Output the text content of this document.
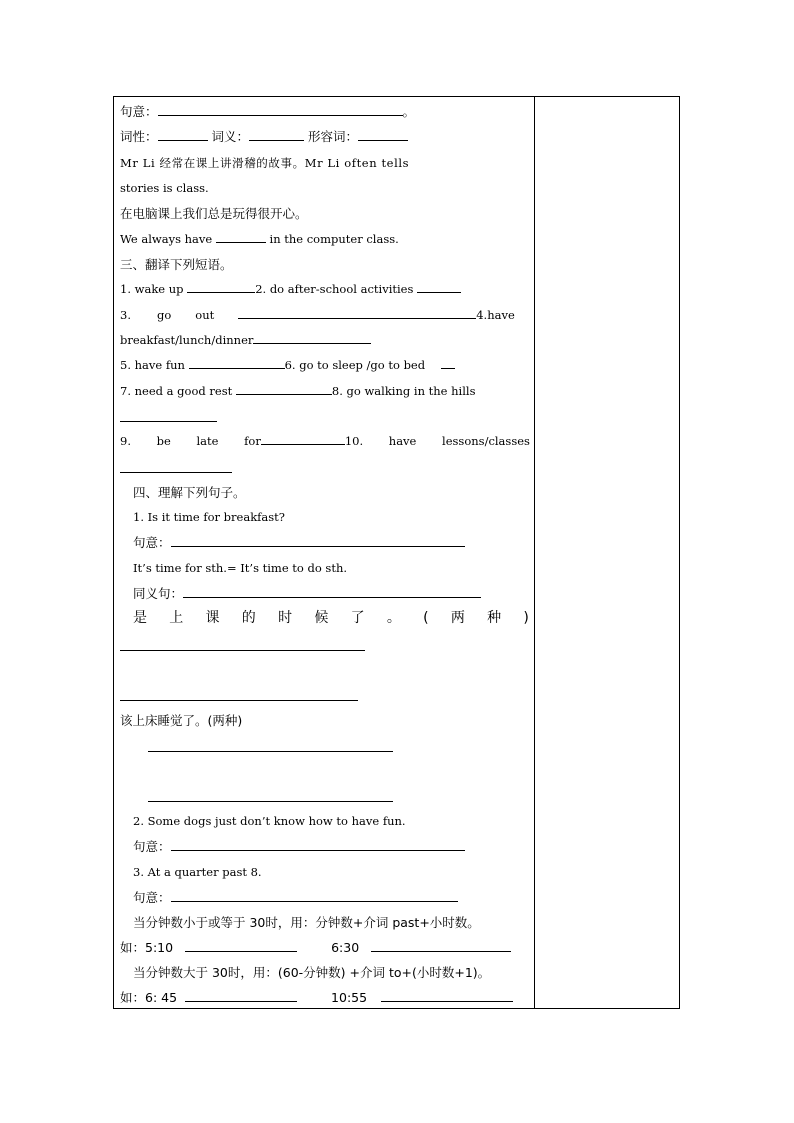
句意：	。
词性：	词义：	形容词：
Mr Li 经常在课上讲滑稽的故事。Mr Li often tells
stories is class.
在电脑课上我们总是玩得很开心。
We always have	in the computer class.
三、翻译下列短语。
1. wake up	2. do after-school activities
3. go out	4.have
breakfast/lunch/dinner
5. have fun	6. go to sleep /go to bed
7. need a good rest	8. go walking in the hills
9. be late for	10. have lessons/classes
四、理解下列句子。
1. Is it time for breakfast?
句意：
It’s time for sth.= It’s time to do sth.
同义句：
是 上 课 的 时 候 了 。 ( 两 种 )
该上床睡觉了。(两种)
2. Some dogs just don’t know how to have fun.
句意：
3. At a quarter past 8.
句意：
当分钟数小于或等于 30时，用：分钟数+介词 past+小时数。
如：5:10	6:30
当分钟数大于 30时，用：(60-分钟数) +介词 to+(小时数+1)。
如：6: 45	10:55
